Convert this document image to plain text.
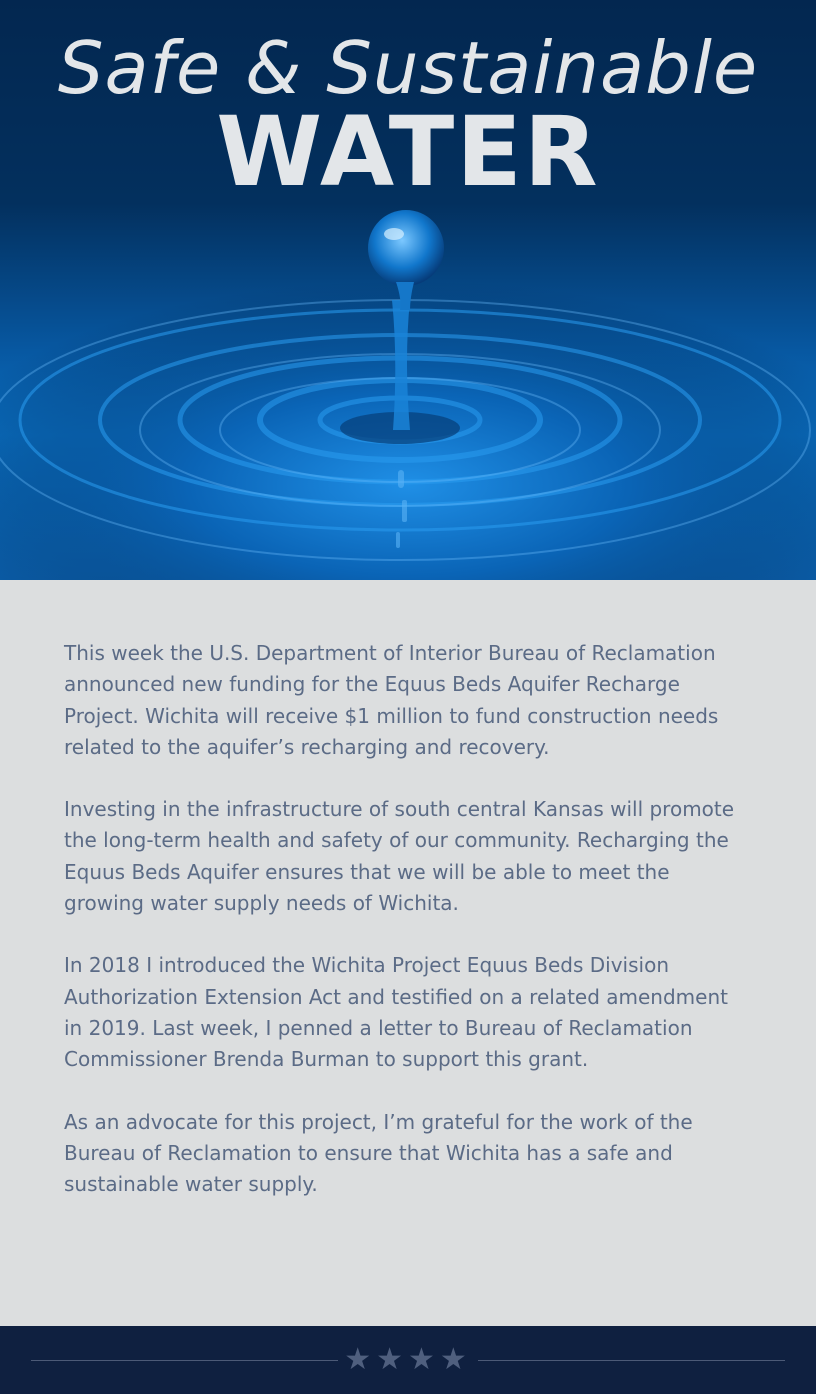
Safe & Sustainable
WATER

This week the U.S. Department of Interior Bureau of Reclamation announced new funding for the Equus Beds Aquifer Recharge Project. Wichita will receive $1 million to fund construction needs related to the aquifer’s recharging and recovery.

Investing in the infrastructure of south central Kansas will promote the long-term health and safety of our community. Recharging the Equus Beds Aquifer ensures that we will be able to meet the growing water supply needs of Wichita.

In 2018 I introduced the Wichita Project Equus Beds Division Authorization Extension Act and testified on a related amendment in 2019. Last week, I penned a letter to Bureau of Reclamation Commissioner Brenda Burman to support this grant.

As an advocate for this project, I’m grateful for the work of the Bureau of Reclamation to ensure that Wichita has a safe and sustainable water supply.

★★★★
